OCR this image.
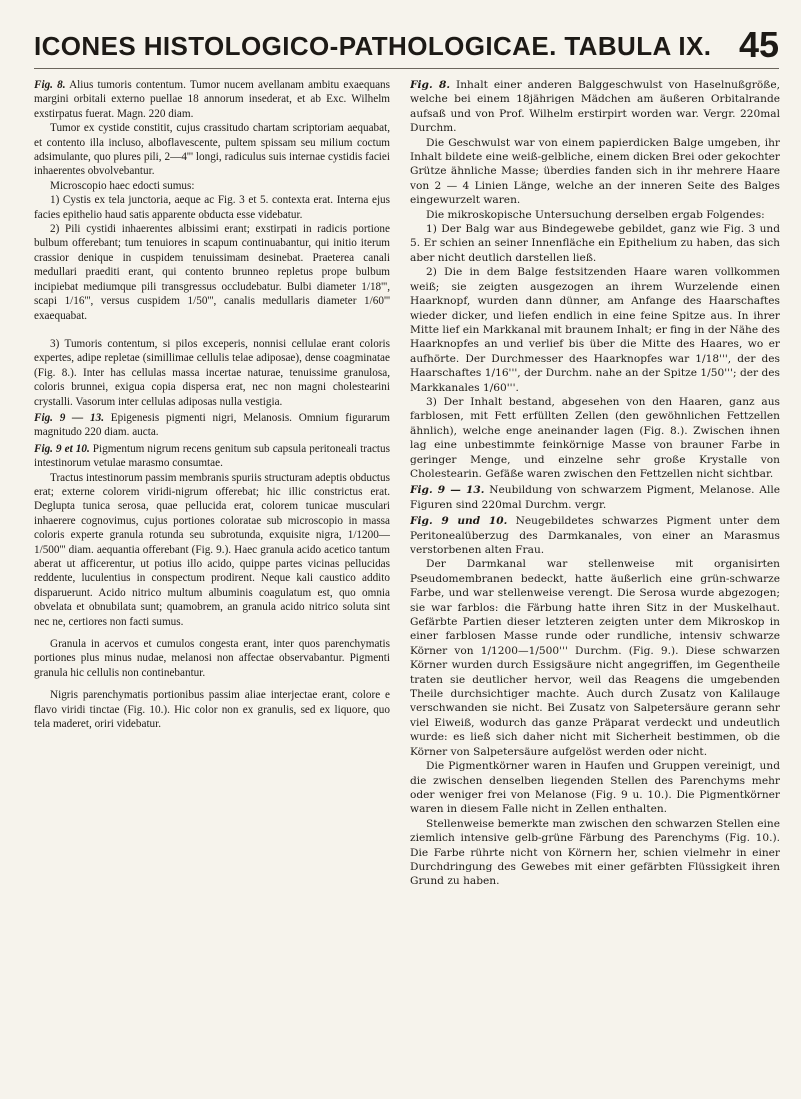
ICONES HISTOLOGICO-PATHOLOGICAE. TABULA IX. 45

Fig. 8. Alius tumoris contentum. Tumor nucem avellanam ambitu exaequans margini orbitali externo puellae 18 annorum insederat, et ab Exc. Wilhelm exstirpatus fuerat. Magn. 220 diam.

Tumor ex cystide constitit, cujus crassitudo chartam scriptoriam aequabat, et contento illa incluso, alboflavescente, pultem spissam seu milium coctum adsimulante, quo plures pili, 2—4''' longi, radiculus suis internae cystidis faciei inhaerentes obvolvebantur.

Microscopio haec edocti sumus:

1) Cystis ex tela junctoria, aeque ac Fig. 3 et 5. contexta erat. Interna ejus facies epithelio haud satis apparente obducta esse videbatur.

2) Pili cystidi inhaerentes albissimi erant; exstirpati in radicis portione bulbum offerebant; tum tenuiores in scapum continuabantur, qui initio iterum crassior denique in cuspidem tenuissimam desinebat. Praeterea canali medullari praediti erant, qui contento brunneo repletus prope bulbum incipiebat mediumque pili transgressus occludebatur. Bulbi diameter 1/18''', scapi 1/16''', versus cuspidem 1/50''', canalis medullaris diameter 1/60''' exaequabat.

3) Tumoris contentum, si pilos exceperis, nonnisi cellulae erant coloris expertes, adipe repletae (simillimae cellulis telae adiposae), dense coagminatae (Fig. 8.). Inter has cellulas massa incertae naturae, tenuissime granulosa, coloris brunnei, exigua copia dispersa erat, nec non magni cholestearini crystalli. Vasorum inter cellulas adiposas nulla vestigia.

Fig. 9 — 13. Epigenesis pigmenti nigri, Melanosis. Omnium figurarum magnitudo 220 diam. aucta.

Fig. 9 et 10. Pigmentum nigrum recens genitum sub capsula peritoneali tractus intestinorum vetulae marasmo consumtae.

Tractus intestinorum passim membranis spuriis structuram adeptis obductus erat; externe colorem viridi-nigrum offerebat; hic illic constrictus erat. Deglupta tunica serosa, quae pellucida erat, colorem tunicae musculari inhaerere cognovimus, cujus portiones coloratae sub microscopio in massa coloris experte granula rotunda seu subrotunda, exquisite nigra, 1/1200—1/500''' diam. aequantia offerebant (Fig. 9.). Haec granula acido acetico tantum aberat ut afficerentur, ut potius illo acido, quippe partes vicinas pellucidas reddente, luculentius in conspectum prodirent. Neque kali caustico addito disparuerunt. Acido nitrico multum albuminis coagulatum est, quo omnia obvelata et obnubilata sunt; quamobrem, an granula acido nitrico soluta sint nec ne, certiores non facti sumus.

Granula in acervos et cumulos congesta erant, inter quos parenchymatis portiones plus minus nudae, melanosi non affectae observabantur. Pigmenti granula hic cellulis non continebantur.

Nigris parenchymatis portionibus passim aliae interjectae erant, colore e flavo viridi tinctae (Fig. 10.). Hic color non ex granulis, sed ex liquore, quo tela maderet, oriri videbatur.

Fig. 8. Inhalt einer anderen Balggeschwulst von Haselnußgröße, welche bei einem 18jährigen Mädchen am äußeren Orbitalrande aufsaß und von Prof. Wilhelm erstirpirt worden war. Vergr. 220mal Durchm.

Die Geschwulst war von einem papierdicken Balge umgeben, ihr Inhalt bildete eine weiß-gelbliche, einem dicken Brei oder gekochter Grütze ähnliche Masse; überdies fanden sich in ihr mehrere Haare von 2 — 4 Linien Länge, welche an der inneren Seite des Balges eingewurzelt waren.

Die mikroskopische Untersuchung derselben ergab Folgendes:

1) Der Balg war aus Bindegewebe gebildet, ganz wie Fig. 3 und 5. Er schien an seiner Innenfläche ein Epithelium zu haben, das sich aber nicht deutlich darstellen ließ.

2) Die in dem Balge festsitzenden Haare waren vollkommen weiß; sie zeigten ausgezogen an ihrem Wurzelende einen Haarknopf, wurden dann dünner, am Anfange des Haarschaftes wieder dicker, und liefen endlich in eine feine Spitze aus. In ihrer Mitte lief ein Markkanal mit braunem Inhalt; er fing in der Nähe des Haarknopfes an und verlief bis über die Mitte des Haares, wo er aufhörte. Der Durchmesser des Haarknopfes war 1/18''', der des Haarschaftes 1/16''', der Durchm. nahe an der Spitze 1/50'''; der des Markkanales 1/60'''.

3) Der Inhalt bestand, abgesehen von den Haaren, ganz aus farblosen, mit Fett erfüllten Zellen (den gewöhnlichen Fettzellen ähnlich), welche enge aneinander lagen (Fig. 8.). Zwischen ihnen lag eine unbestimmte feinkörnige Masse von brauner Farbe in geringer Menge, und einzelne sehr große Krystalle von Cholestearin. Gefäße waren zwischen den Fettzellen nicht sichtbar.

Fig. 9 — 13. Neubildung von schwarzem Pigment, Melanose. Alle Figuren sind 220mal Durchm. vergr.

Fig. 9 und 10. Neugebildetes schwarzes Pigment unter dem Peritonealüberzug des Darmkanales, von einer an Marasmus verstorbenen alten Frau.

Der Darmkanal war stellenweise mit organisirten Pseudomembranen bedeckt, hatte äußerlich eine grün-schwarze Farbe, und war stellenweise verengt. Die Serosa wurde abgezogen; sie war farblos: die Färbung hatte ihren Sitz in der Muskelhaut. Gefärbte Partien dieser letzteren zeigten unter dem Mikroskop in einer farblosen Masse runde oder rundliche, intensiv schwarze Körner von 1/1200—1/500''' Durchm. (Fig. 9.). Diese schwarzen Körner wurden durch Essigsäure nicht angegriffen, im Gegentheile traten sie deutlicher hervor, weil das Reagens die umgebenden Theile durchsichtiger machte. Auch durch Zusatz von Kalilauge verschwanden sie nicht. Bei Zusatz von Salpetersäure gerann sehr viel Eiweiß, wodurch das ganze Präparat verdeckt und undeutlich wurde: es ließ sich daher nicht mit Sicherheit bestimmen, ob die Körner von Salpetersäure aufgelöst werden oder nicht.

Die Pigmentkörner waren in Haufen und Gruppen vereinigt, und die zwischen denselben liegenden Stellen des Parenchyms mehr oder weniger frei von Melanose (Fig. 9 u. 10.). Die Pigmentkörner waren in diesem Falle nicht in Zellen enthalten.

Stellenweise bemerkte man zwischen den schwarzen Stellen eine ziemlich intensive gelb-grüne Färbung des Parenchyms (Fig. 10.). Die Farbe rührte nicht von Körnern her, schien vielmehr in einer Durchdringung des Gewebes mit einer gefärbten Flüssigkeit ihren Grund zu haben.
